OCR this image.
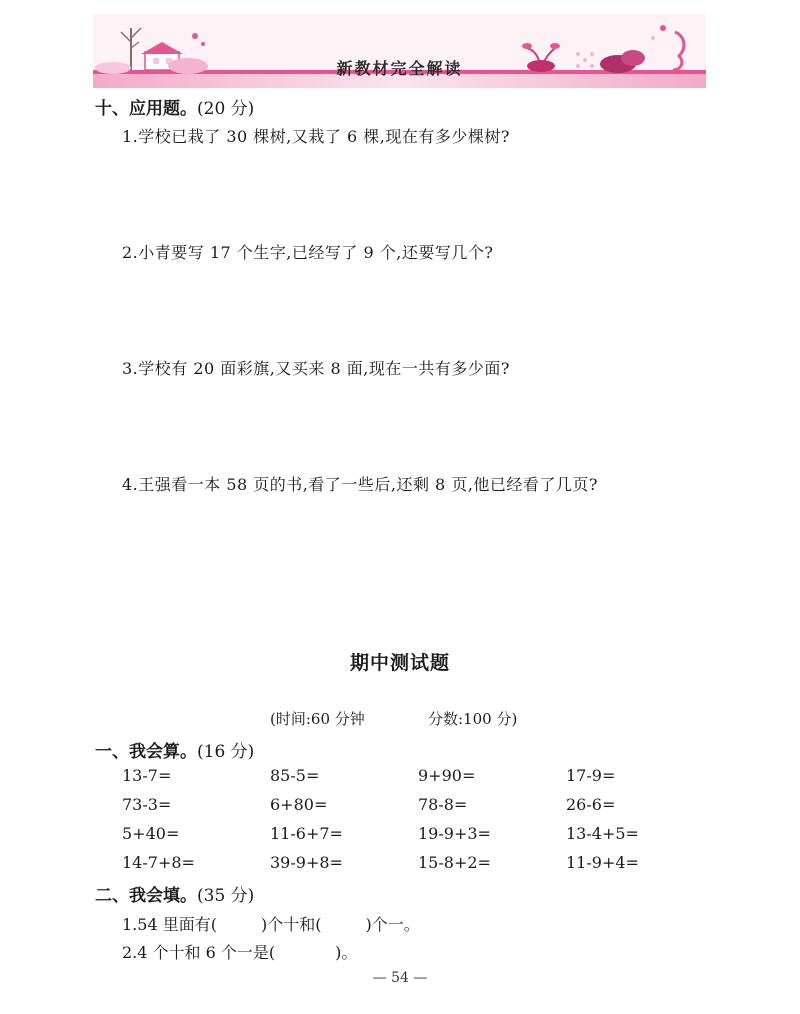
新教材完全解读
十、应用题。(20 分)
1.学校已栽了 30 棵树,又栽了 6 棵,现在有多少棵树?
2.小青要写 17 个生字,已经写了 9 个,还要写几个?
3.学校有 20 面彩旗,又买来 8 面,现在一共有多少面?
4.王强看一本 58 页的书,看了一些后,还剩 8 页,他已经看了几页?
期中测试题
(时间:60 分钟	分数:100 分)
一、我会算。(16 分)
13-7=	85-5=	9+90=	17-9=
73-3=	6+80=	78-8=	26-6=
5+40=	11-6+7=	19-9+3=	13-4+5=
14-7+8=	39-9+8=	15-8+2=	11-9+4=
二、我会填。(35 分)
1.54 里面有(	)个十和(	)个一。
2.4 个十和 6 个一是(	)。
— 54 —
